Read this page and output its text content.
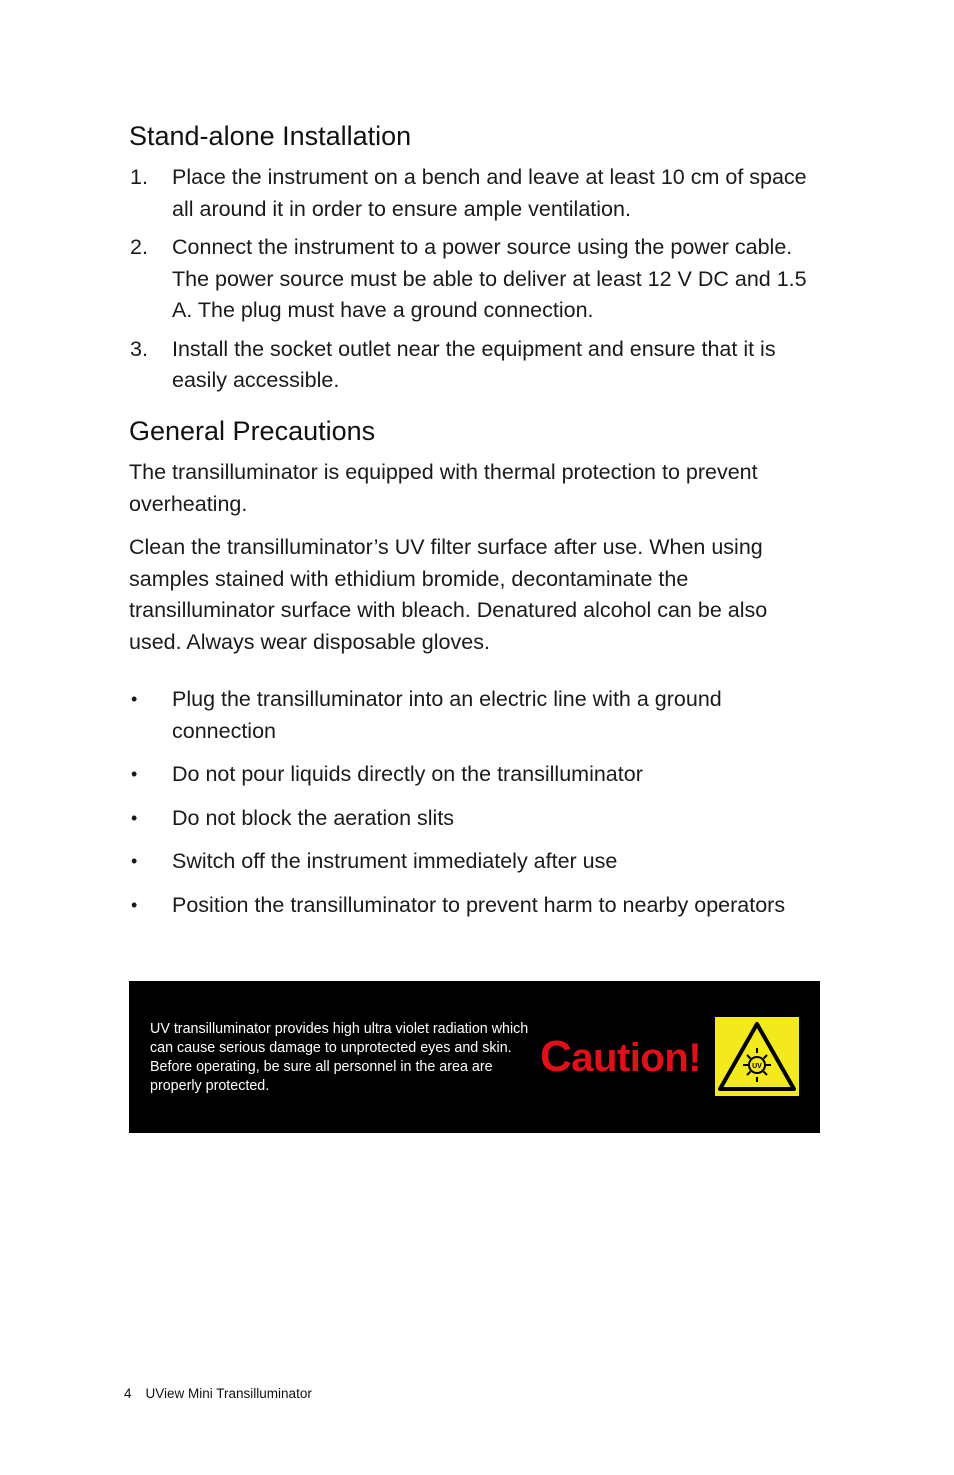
Stand-alone Installation
1. Place the instrument on a bench and leave at least 10 cm of space all around it in order to ensure ample ventilation.
2. Connect the instrument to a power source using the power cable. The power source must be able to deliver at least 12 V DC and 1.5 A. The plug must have a ground connection.
3. Install the socket outlet near the equipment and ensure that it is easily accessible.
General Precautions

The transilluminator is equipped with thermal protection to prevent overheating.

Clean the transilluminator’s UV filter surface after use. When using samples stained with ethidium bromide, decontaminate the transilluminator surface with bleach. Denatured alcohol can be also used. Always wear disposable gloves.

• Plug the transilluminator into an electric line with a ground connection
• Do not pour liquids directly on the transilluminator
• Do not block the aeration slits
• Switch off the instrument immediately after use
• Position the transilluminator to prevent harm to nearby operators
UV transilluminator provides high ultra violet radiation which can cause serious damage to unprotected eyes and skin. Before operating, be sure all personnel in the area are properly protected.
Caution!	UV
4 UView Mini Transilluminator
